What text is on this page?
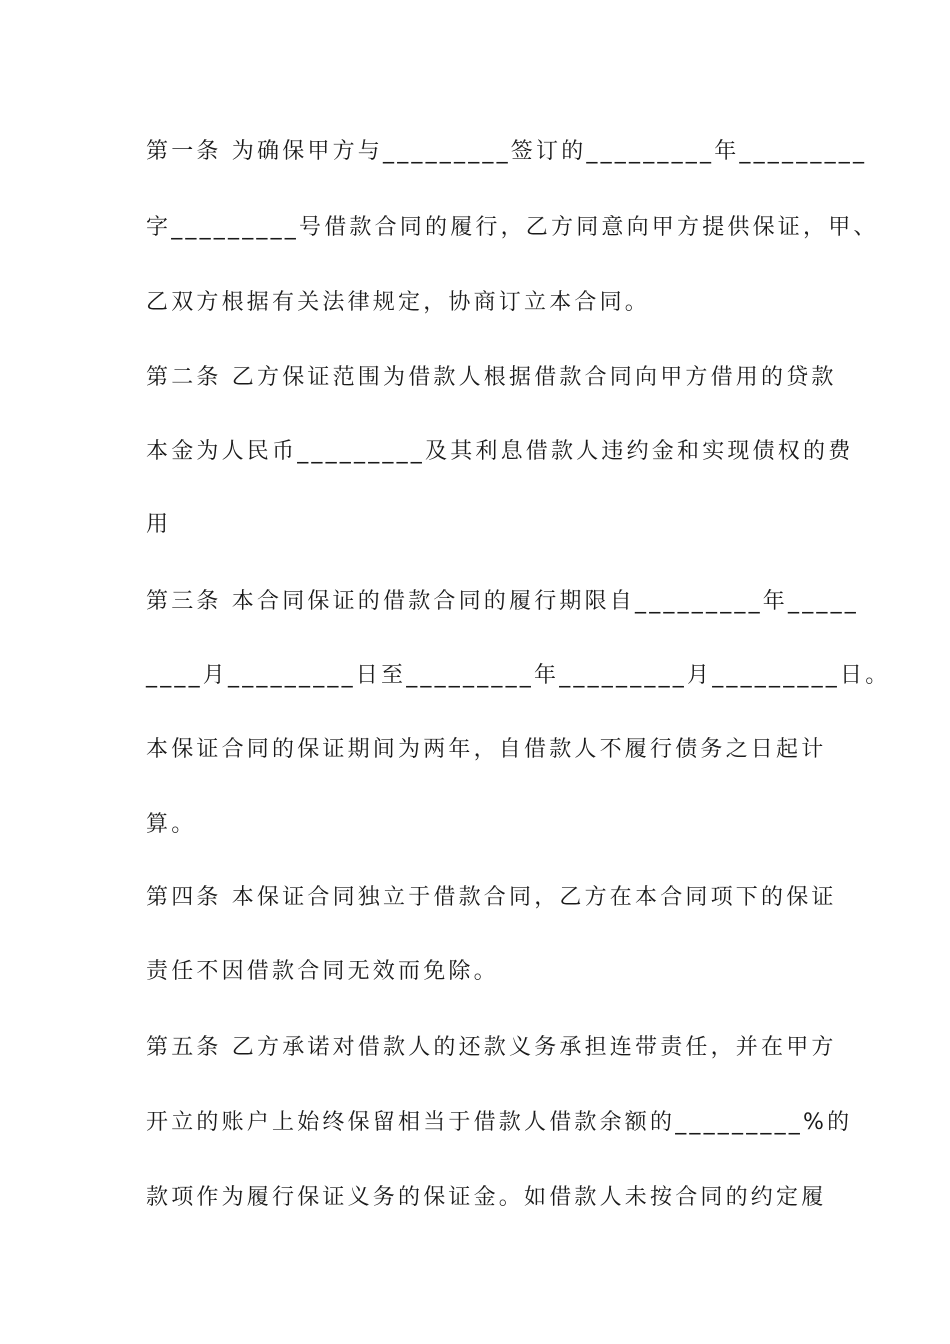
第一条 为确保甲方与_________签订的_________年_________
字_________号借款合同的履行，乙方同意向甲方提供保证，甲、
乙双方根据有关法律规定，协商订立本合同。
第二条 乙方保证范围为借款人根据借款合同向甲方借用的贷款
本金为人民币_________及其利息借款人违约金和实现债权的费
用
第三条 本合同保证的借款合同的履行期限自_________年_____
____月_________日至_________年_________月_________日。
本保证合同的保证期间为两年，自借款人不履行债务之日起计
算。
第四条 本保证合同独立于借款合同，乙方在本合同项下的保证
责任不因借款合同无效而免除。
第五条 乙方承诺对借款人的还款义务承担连带责任，并在甲方
开立的账户上始终保留相当于借款人借款余额的_________%的
款项作为履行保证义务的保证金。如借款人未按合同的约定履
